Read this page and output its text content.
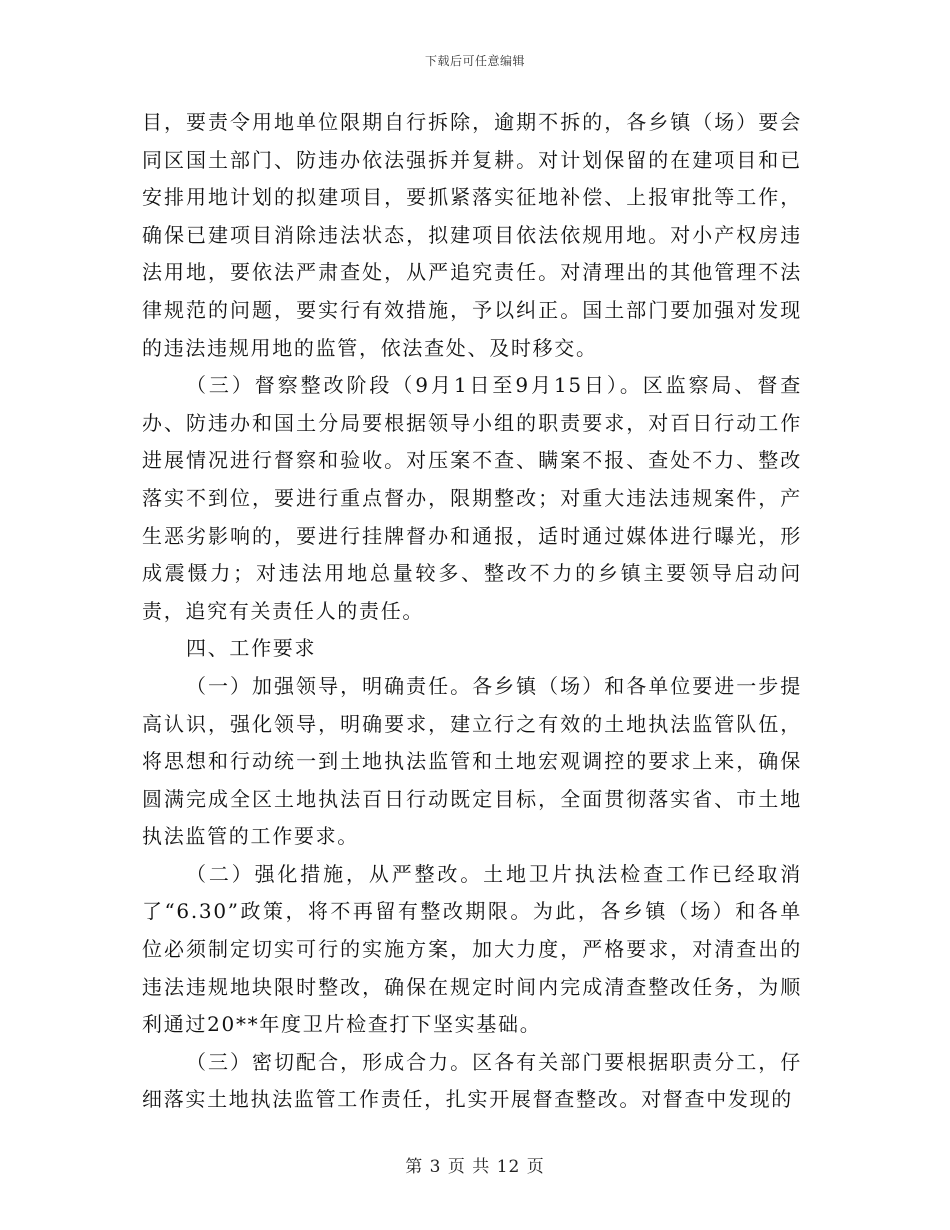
下载后可任意编辑

目，要责令用地单位限期自行拆除，逾期不拆的，各乡镇（场）要会同区国土部门、防违办依法强拆并复耕。对计划保留的在建项目和已安排用地计划的拟建项目，要抓紧落实征地补偿、上报审批等工作，确保已建项目消除违法状态，拟建项目依法依规用地。对小产权房违法用地，要依法严肃查处，从严追究责任。对清理出的其他管理不法律规范的问题，要实行有效措施，予以纠正。国土部门要加强对发现的违法违规用地的监管，依法查处、及时移交。

（三）督察整改阶段（9月1日至9月15日）。区监察局、督查办、防违办和国土分局要根据领导小组的职责要求，对百日行动工作进展情况进行督察和验收。对压案不查、瞒案不报、查处不力、整改落实不到位，要进行重点督办，限期整改；对重大违法违规案件，产生恶劣影响的，要进行挂牌督办和通报，适时通过媒体进行曝光，形成震慑力；对违法用地总量较多、整改不力的乡镇主要领导启动问责，追究有关责任人的责任。

四、工作要求

（一）加强领导，明确责任。各乡镇（场）和各单位要进一步提高认识，强化领导，明确要求，建立行之有效的土地执法监管队伍，将思想和行动统一到土地执法监管和土地宏观调控的要求上来，确保圆满完成全区土地执法百日行动既定目标，全面贯彻落实省、市土地执法监管的工作要求。

（二）强化措施，从严整改。土地卫片执法检查工作已经取消了“6.30”政策，将不再留有整改期限。为此，各乡镇（场）和各单位必须制定切实可行的实施方案，加大力度，严格要求，对清查出的违法违规地块限时整改，确保在规定时间内完成清查整改任务，为顺利通过20**年度卫片检查打下坚实基础。

（三）密切配合，形成合力。区各有关部门要根据职责分工，仔细落实土地执法监管工作责任，扎实开展督查整改。对督查中发现的

第 3 页 共 12 页
